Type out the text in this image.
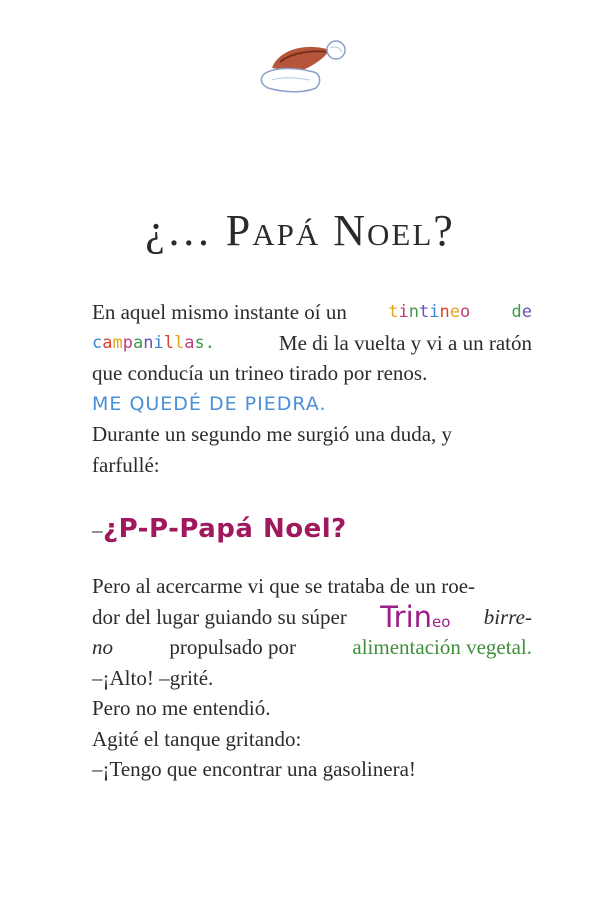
¿… Papá Noel?
En aquel mismo instante oí un tintineo de
campanillas.	Me di la vuelta y vi a un ratón
que conducía un trineo tirado por renos.
ME QUEDÉ DE PIEDRA.
Durante un segundo me surgió una duda, y
farfullé:
–¿P-P-Papá Noel?
Pero al acercarme vi que se trataba de un roe-
dor del lugar guiando su súper Trineo birre-
no	propulsado por	alimentación vegetal.
–¡Alto! –grité.
Pero no me entendió.
Agité el tanque gritando:
–¡Tengo que encontrar una gasolinera!
